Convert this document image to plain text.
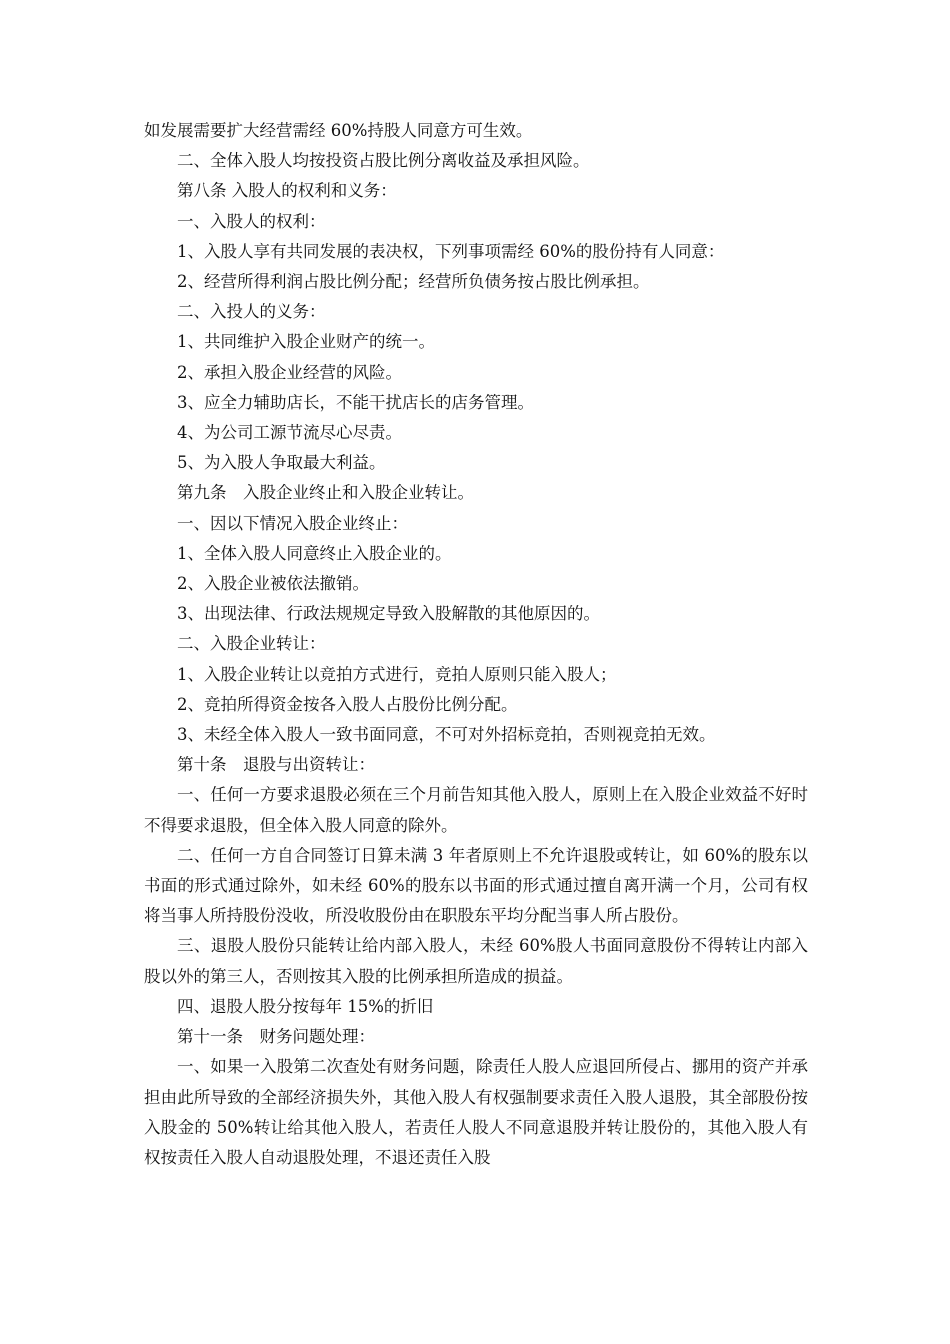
如发展需要扩大经营需经 60%持股人同意方可生效。

二、全体入股人均按投资占股比例分离收益及承担风险。

第八条 入股人的权利和义务：

一、入股人的权利：

1、入股人享有共同发展的表决权，下列事项需经 60%的股份持有人同意：

2、经营所得利润占股比例分配；经营所负债务按占股比例承担。

二、入投人的义务：

1、共同维护入股企业财产的统一。

2、承担入股企业经营的风险。

3、应全力辅助店长，不能干扰店长的店务管理。

4、为公司工源节流尽心尽责。

5、为入股人争取最大利益。

第九条　入股企业终止和入股企业转让。

一、因以下情况入股企业终止：

1、全体入股人同意终止入股企业的。

2、入股企业被依法撤销。

3、出现法律、行政法规规定导致入股解散的其他原因的。

二、入股企业转让：

1、入股企业转让以竞拍方式进行，竞拍人原则只能入股人；

2、竞拍所得资金按各入股人占股份比例分配。

3、未经全体入股人一致书面同意，不可对外招标竞拍，否则视竞拍无效。

第十条　退股与出资转让：

一、任何一方要求退股必须在三个月前告知其他入股人，原则上在入股企业效益不好时不得要求退股，但全体入股人同意的除外。

二、任何一方自合同签订日算未满 3 年者原则上不允许退股或转让，如 60%的股东以书面的形式通过除外，如未经 60%的股东以书面的形式通过擅自离开满一个月，公司有权将当事人所持股份没收，所没收股份由在职股东平均分配当事人所占股份。

三、退股人股份只能转让给内部入股人，未经 60%股人书面同意股份不得转让内部入股以外的第三人，否则按其入股的比例承担所造成的损益。

四、退股人股分按每年 15%的折旧

第十一条　财务问题处理：

一、如果一入股第二次查处有财务问题，除责任人股人应退回所侵占、挪用的资产并承担由此所导致的全部经济损失外，其他入股人有权强制要求责任入股人退股，其全部股份按入股金的 50%转让给其他入股人，若责任人股人不同意退股并转让股份的，其他入股人有权按责任入股人自动退股处理，不退还责任入股
